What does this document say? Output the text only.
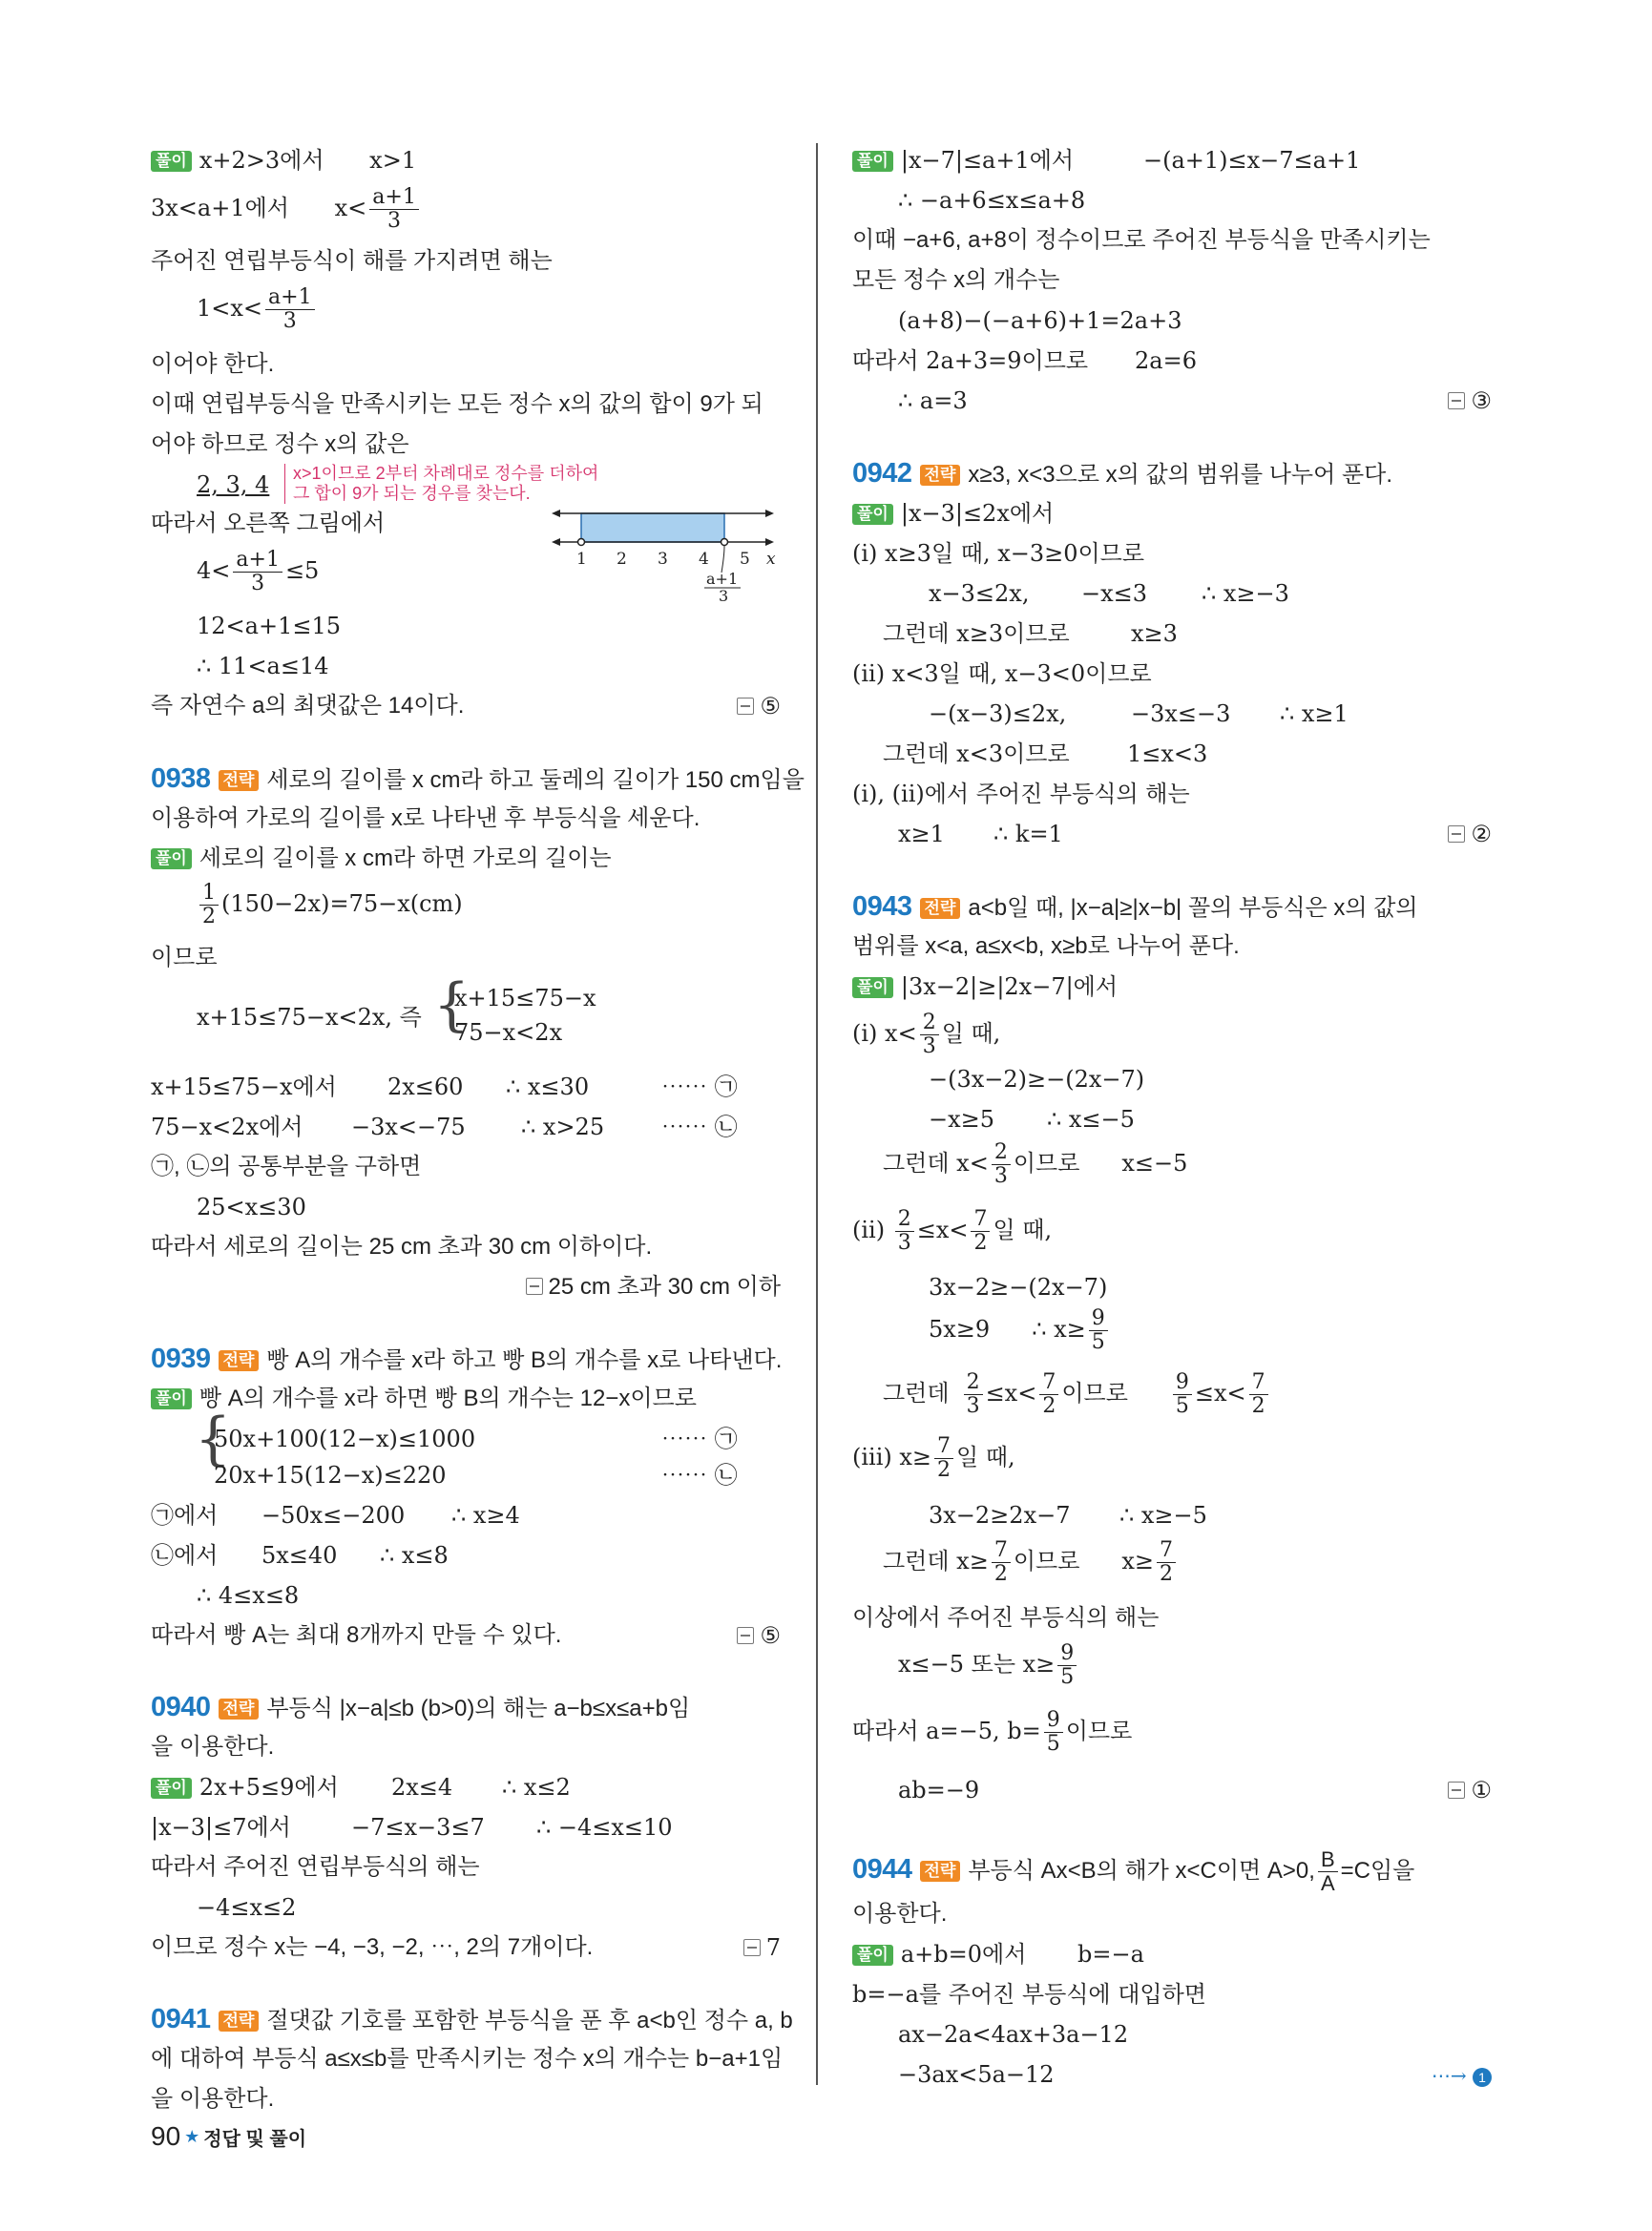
풀이 x+2>3에서 x>1
3x<a+1에서 $x< \frac{a+1}{3}$
주어진 연립부등식이 해를 가지려면 해는
$1<x< \frac{a+1}{3}$
이어야 한다.
이때 연립부등식을 만족시키는 모든 정수 x의 값의 합이 9가 되
어야 하므로 정수 x의 값은
2, 3, 4 x>1이므로 2부터 차례대로 정수를 더하여
그 합이 9가 되는 경우를 찾는다.
따라서 오른쪽 그림에서
1 2 3 4 5 x
a+1
3
$4< \frac{a+1}{3} \le 5$
12<a+1≤15
∴ 11<a≤14
즉 자연수 a의 최댓값은 14이다.	⑤
0938 전략 세로의 길이를 x cm라 하고 둘레의 길이가 150 cm임을
이용하여 가로의 길이를 x로 나타낸 후 부등식을 세운다.
풀이 세로의 길이를 x cm라 하면 가로의 길이는
$\frac{1}{2} (150-2x)=75-x(cm)$
이므로
x+15≤75−x<2x, 즉 {
x+15≤75−x
75−x<2x
x+15≤75−x에서 2x≤60 ∴ x≤30	⋯⋯ ㉠
75−x<2x에서 −3x<−75 ∴ x>25 ⋯⋯ ㉡
㉠, ㉡의 공통부분을 구하면
25<x≤30
따라서 세로의 길이는 25 cm 초과 30 cm 이하이다.
25 cm 초과 30 cm 이하
0939 전략 빵 A의 개수를 x라 하고 빵 B의 개수를 x로 나타낸다.
풀이 빵 A의 개수를 x라 하면 빵 B의 개수는 12−x이므로
{
50x+100(12−x)≤1000	⋯⋯ ㉠
20x+15(12−x)≤220	⋯⋯ ㉡
㉠에서 −50x≤−200 ∴ x≥4
㉡에서 5x≤40 ∴ x≤8
∴ 4≤x≤8
따라서 빵 A는 최대 8개까지 만들 수 있다.	⑤
0940 전략 부등식 |x−a|≤b (b>0)의 해는 a−b≤x≤a+b임
을 이용한다.
풀이 2x+5≤9에서 2x≤4 ∴ x≤2
|x−3|≤7에서	−7≤x−3≤7 ∴ −4≤x≤10
따라서 주어진 연립부등식의 해는
−4≤x≤2
이므로 정수 x는 −4, −3, −2, ⋯, 2의 7개이다.	7
0941 전략 절댓값 기호를 포함한 부등식을 푼 후 a<b인 정수 a, b
에 대하여 부등식 a≤x≤b를 만족시키는 정수 x의 개수는 b−a+1임
을 이용한다.
풀이 |x−7|≤a+1에서	−(a+1)≤x−7≤a+1
∴ −a+6≤x≤a+8
이때 −a+6, a+8이 정수이므로 주어진 부등식을 만족시키는
모든 정수 x의 개수는
(a+8)−(−a+6)+1=2a+3
따라서 2a+3=9이므로 2a=6
∴ a=3	③
0942 전략 x≥3, x<3으로 x의 값의 범위를 나누어 푼다.
풀이 |x−3|≤2x에서
(i) x≥3일 때, x−3≥0이므로
x−3≤2x, −x≤3 ∴ x≥−3
그런데 x≥3이므로	x≥3
(ii) x<3일 때, x−3<0이므로
−(x−3)≤2x,	−3x≤−3 ∴ x≥1
그런데 x<3이므로	1≤x<3
(i), (ii)에서 주어진 부등식의 해는
x≥1 ∴ k=1	②
0943 전략 a<b일 때, |x−a|≥|x−b| 꼴의 부등식은 x의 값의
범위를 x<a, a≤x<b, x≥b로 나누어 푼다.
풀이 |3x−2|≥|2x−7|에서
(i) $x< \frac{2}{3}$ 일 때,
−(3x−2)≥−(2x−7)
−x≥5 ∴ x≤−5
그런데 $x< \frac{2}{3}$ 이므로 x≤−5
$(ii) \frac{2}{3} \le x< \frac{7}{2}$ 일 때,
3x−2≥−(2x−7)
5x≥9 ∴ $x\ge \frac{9}{5}$
그런데 $\frac{2}{3} \le x< \frac{7}{2}$ 이므로 $\frac{9}{5} \le x< \frac{7}{2}$
(iii) $x\ge \frac{7}{2}$ 일 때,
3x−2≥2x−7 ∴ x≥−5
그런데 $x\ge \frac{7}{2}$ 이므로 $x\ge \frac{7}{2}$
이상에서 주어진 부등식의 해는
x≤−5 또는 $x\ge \frac{9}{5}$
따라서 a=−5, $b= \frac{9}{5}$ 이므로
ab=−9	①
0944 전략 부등식 Ax<B의 해가 x<C이면 A>0, $\frac{B}{A} =C$임을
이용한다.
풀이 a+b=0에서 b=−a
b=−a를 주어진 부등식에 대입하면
ax−2a<4ax+3a−12
−3ax<5a−12	⋯→ 1
90 ★ 정답 및 풀이
